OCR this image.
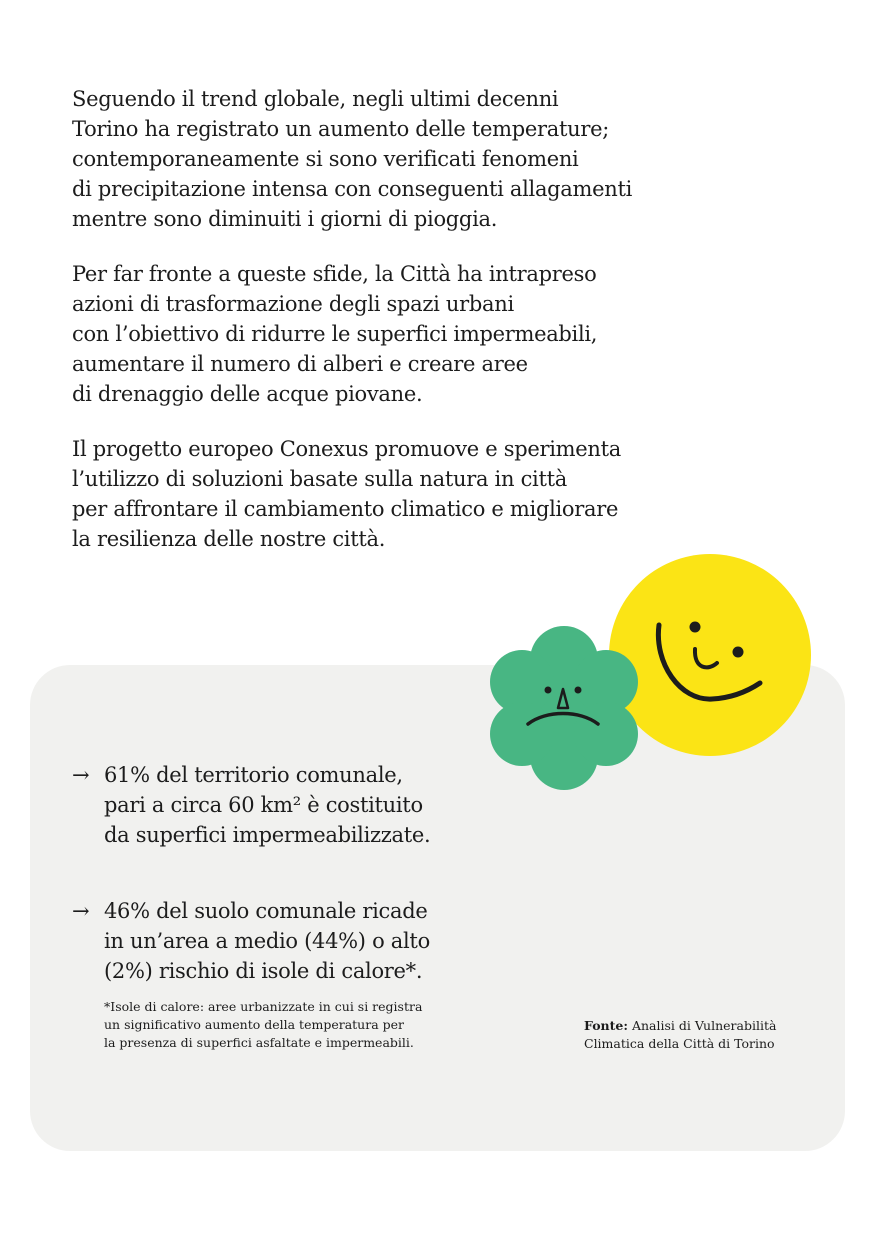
Seguendo il trend globale, negli ultimi decenni
Torino ha registrato un aumento delle temperature;
contemporaneamente si sono verificati fenomeni
di precipitazione intensa con conseguenti allagamenti
mentre sono diminuiti i giorni di pioggia.

Per far fronte a queste sfide, la Città ha intrapreso
azioni di trasformazione degli spazi urbani
con l’obiettivo di ridurre le superfici impermeabili,
aumentare il numero di alberi e creare aree
di drenaggio delle acque piovane.

Il progetto europeo Conexus promuove e sperimenta
l’utilizzo di soluzioni basate sulla natura in città
per affrontare il cambiamento climatico e migliorare
la resilienza delle nostre città.

→ 61% del territorio comunale,
pari a circa 60 km² è costituito
da superfici impermeabilizzate.
→ 46% del suolo comunale ricade
in un’area a medio (44%) o alto
(2%) rischio di isole di calore*.
*Isole di calore: aree urbanizzate in cui si registra
un significativo aumento della temperatura per
la presenza di superfici asfaltate e impermeabili.
Fonte: Analisi di Vulnerabilità
Climatica della Città di Torino
